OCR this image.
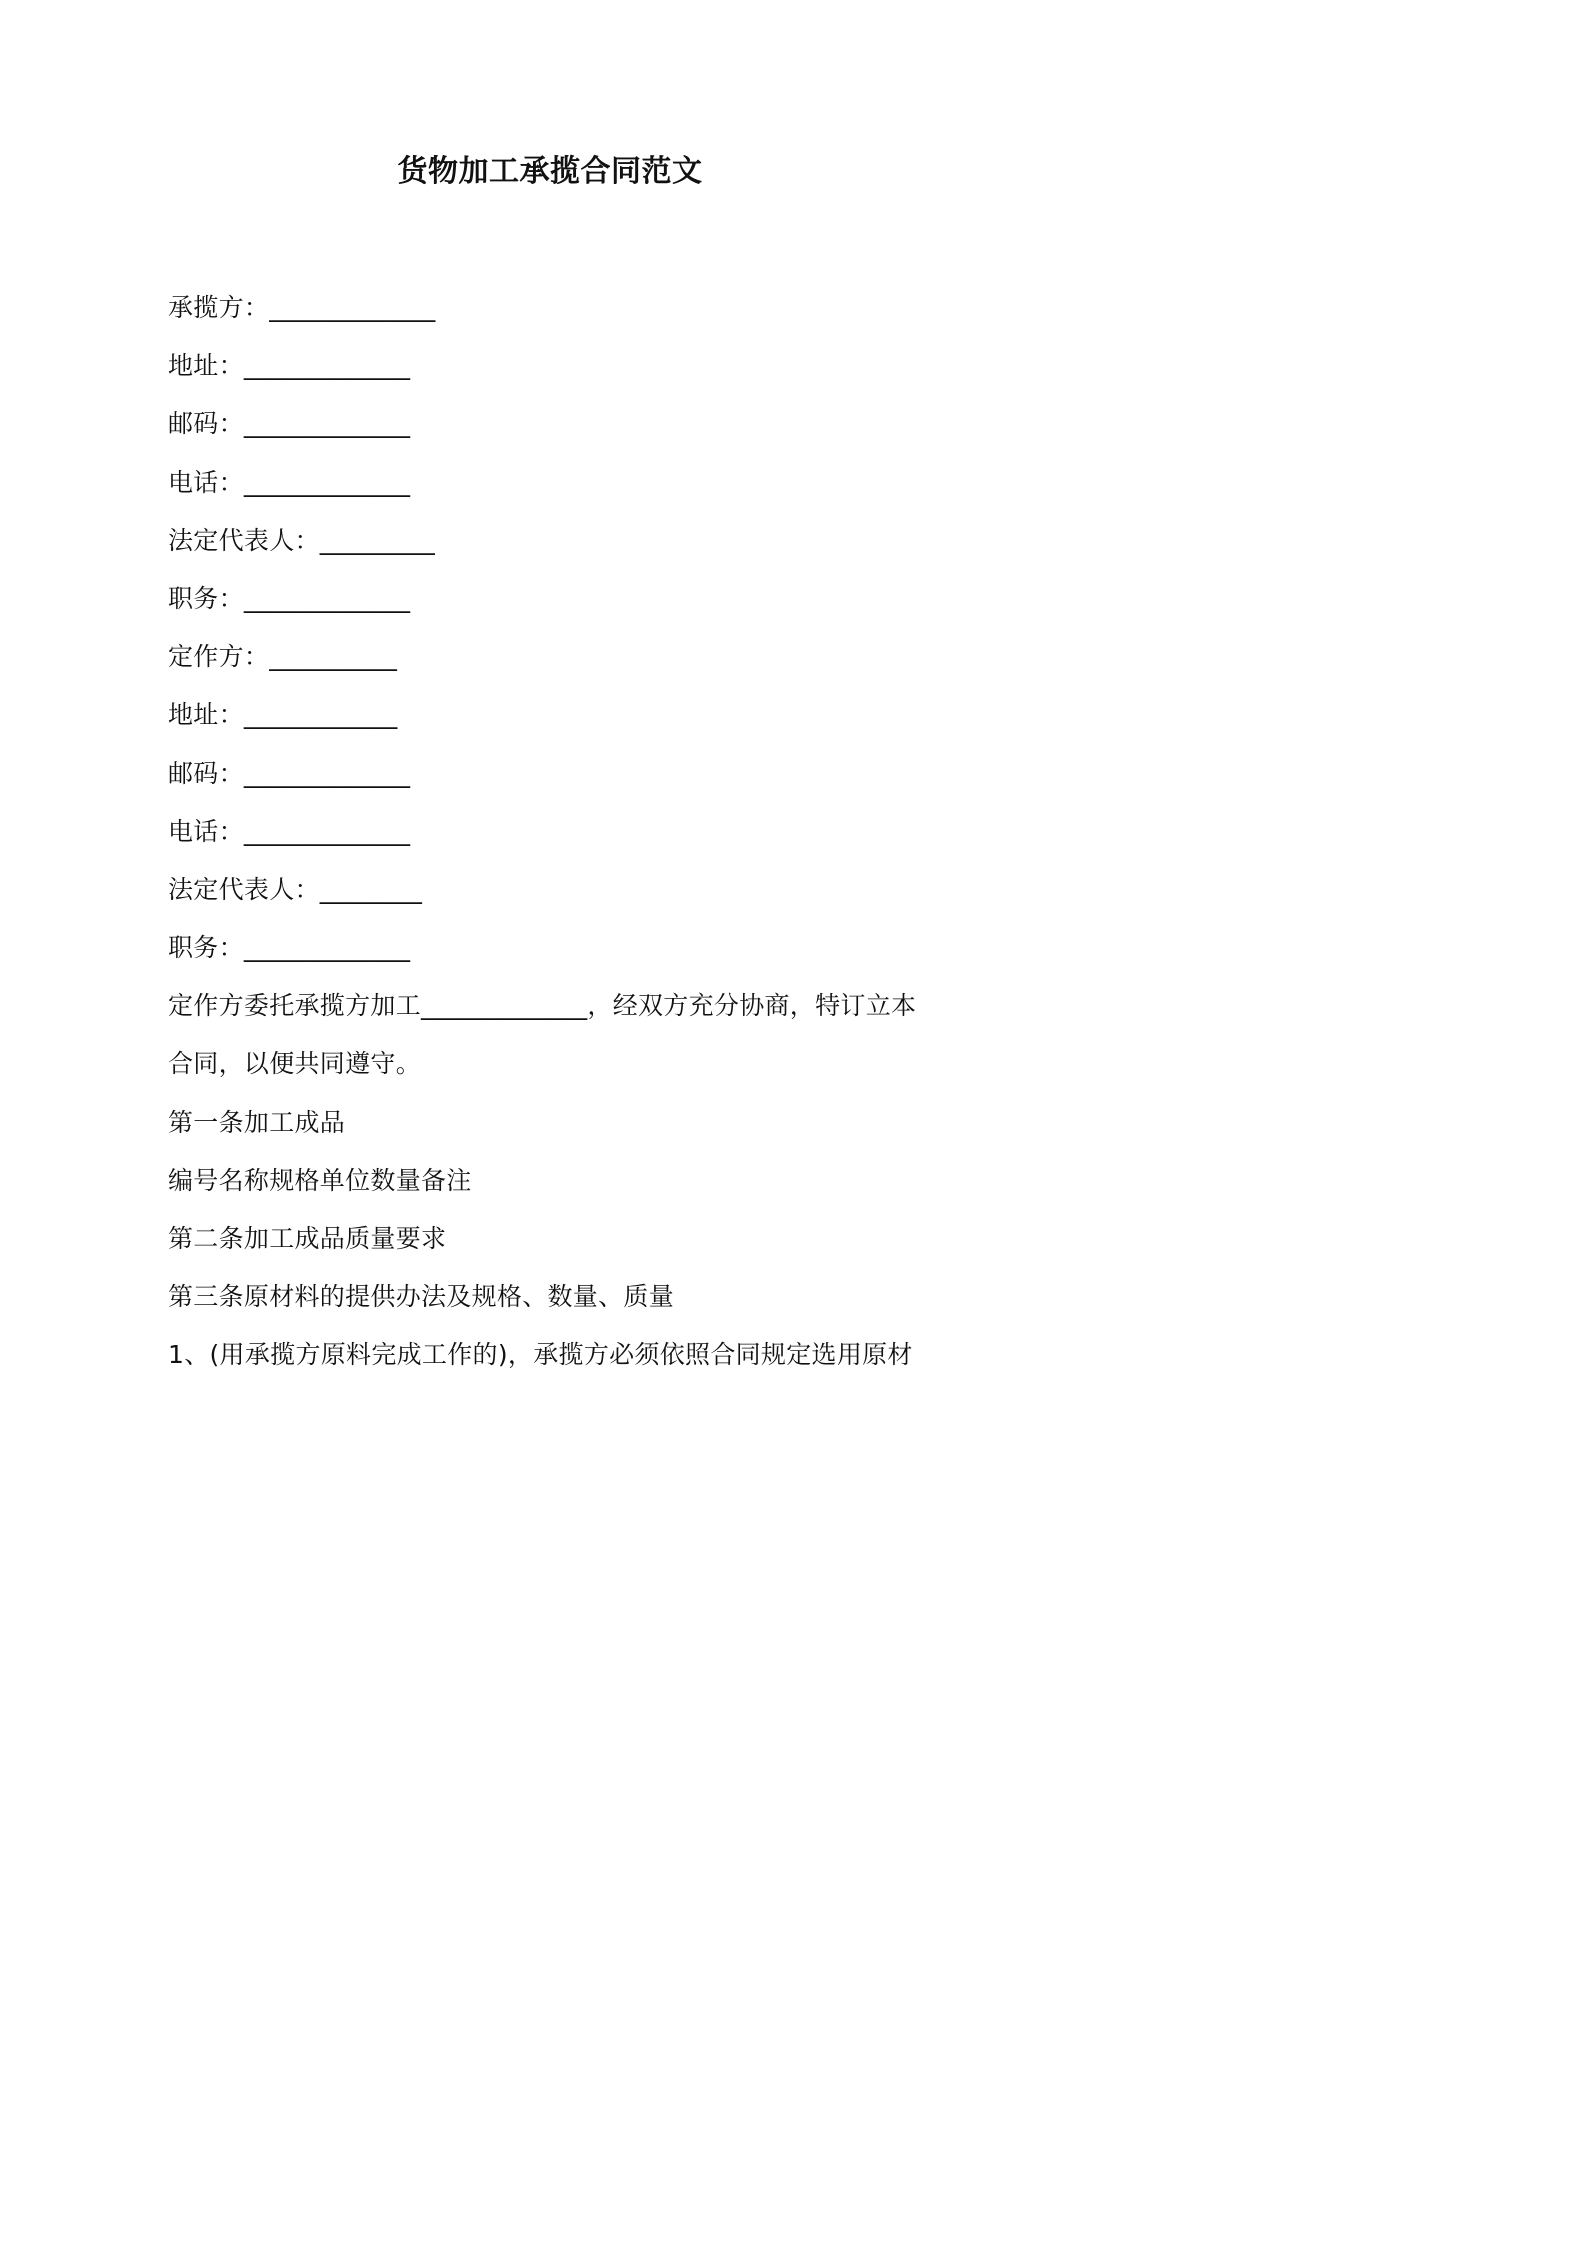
货物加工承揽合同范文
承揽方：_____________
地址：_____________
邮码：_____________
电话：_____________
法定代表人：_________
职务：_____________
定作方：__________
地址：____________
邮码：_____________
电话：_____________
法定代表人：________
职务：_____________
定作方委托承揽方加工_____________，经双方充分协商，特订立本
合同，以便共同遵守。
第一条加工成品
编号名称规格单位数量备注
第二条加工成品质量要求
第三条原材料的提供办法及规格、数量、质量
1、(用承揽方原料完成工作的)，承揽方必须依照合同规定选用原材
